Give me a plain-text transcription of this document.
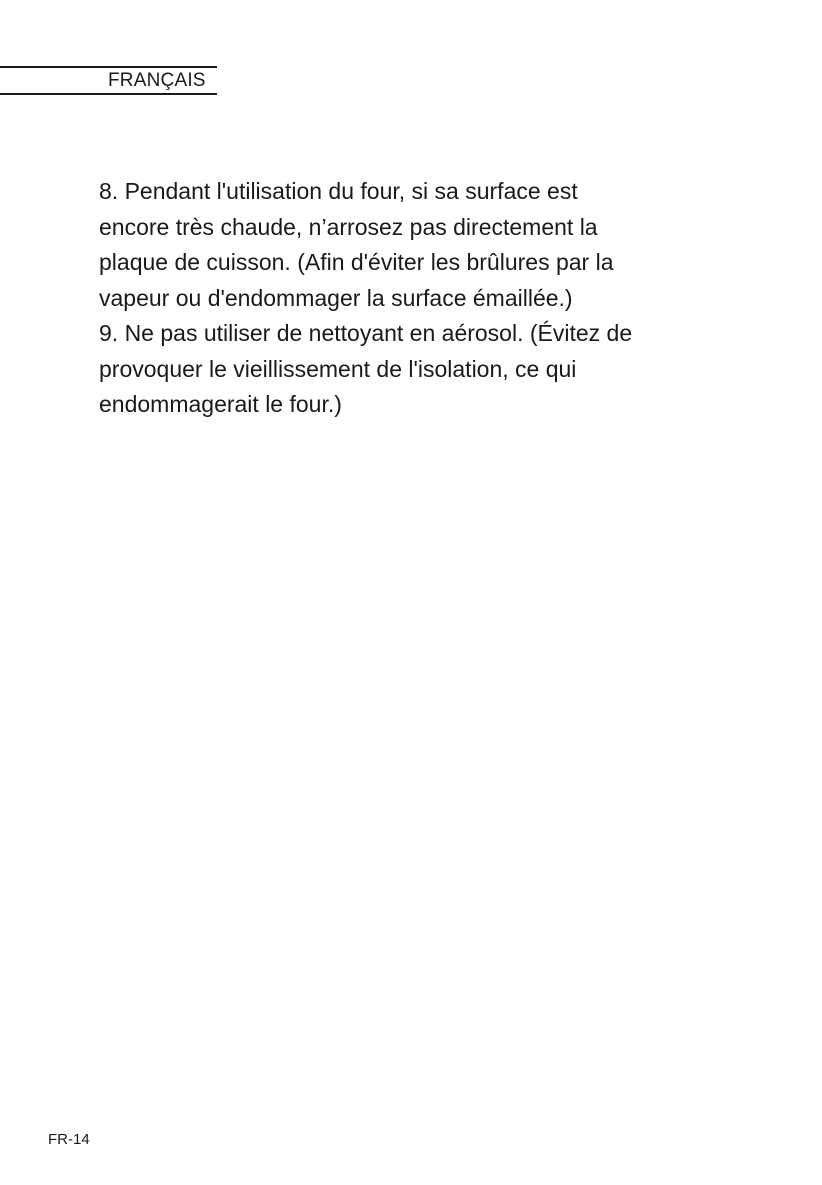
FRANÇAIS

8. Pendant l'utilisation du four, si sa surface est
encore très chaude, n’arrosez pas directement la
plaque de cuisson. (Afin d'éviter les brûlures par la
vapeur ou d'endommager la surface émaillée.)

9. Ne pas utiliser de nettoyant en aérosol. (Évitez de
provoquer le vieillissement de l'isolation, ce qui
endommagerait le four.)

FR-14
